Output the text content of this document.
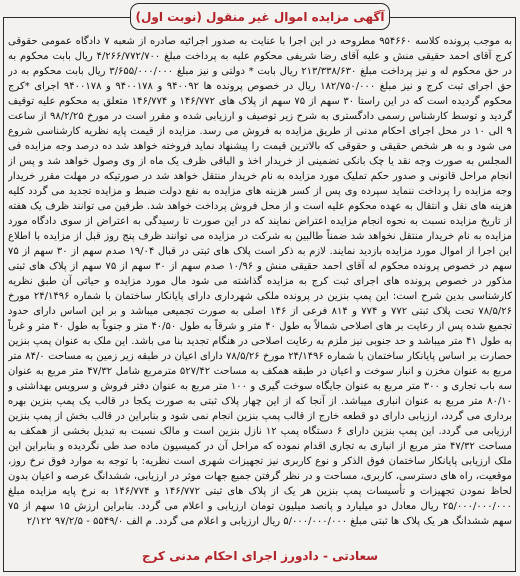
آگهی مزایده اموال غیر منقول (نوبت اول)

به موجب پرونده کلاسه ۹۵۴۶۶۰ مطروحه در این اجرا با عنایت به صدور اجرائیه صادره از شعبه ۷ دادگاه عمومی حقوقی کرج آقای احمد حقیقی منش و علیه آقای رضا شریفی محکوم علیه به پرداخت مبلغ ۴/۲۶۶/۷۷۲/۷۰۰ ریال بابت محکوم به در حق محکوم له و نیز پرداخت مبلغ ۲۱۳/۳۳۸/۶۳۰ ریال بابت * دولتی و نیز مبلغ ۳/۶۵۵/۰۰۰/۰۰۰ ریال بابت محکوم به در حق اجرای ثبت کرج و نیز مبلغ ۱۸۲/۷۵۰/۰۰۰ ریال در خصوص پرونده ها ۹۴۰۰۹۲ و ۹۴۰۰۱۷۸ و ۹۴۰۰۱۷۸ اجرای *کرج محکوم گردیده است که در این راستا ۳۰ سهم از ۷۵ سهم از پلاک های ۱۴۶/۷۷۲ و ۱۴۶/۷۷۴ متعلق به محکوم علیه توقیف گردید و توسط کارشناس رسمی دادگستری به شرح زیر توصیف و ارزیابی شده و مقرر است در مورخ ۹۸/۲/۲۵ از ساعت ۹ الی ۱۰ در محل اجرای احکام مدنی از طریق مزایده به فروش می رسد. مزایده از قیمت پایه نظریه کارشناسی شروع می شود و به هر شخص حقیقی و حقوقی که بالاترین قیمت را پیشنهاد نماید فروخته خواهد شد ده درصد وجه مزایده فی المجلس به صورت وجه نقد یا چک بانکی تضمینی از خریدار اخذ و الباقی ظرف یک ماه از وی وصول خواهد شد و پس از انجام مراحل قانونی و صدور حکم تملیک مورد مزایده به نام خریدار منتقل خواهد شد در صورتیکه در مهلت مقرر خریدار وجه مزایده را پرداخت ننماید سپرده وی پس از کسر هزینه های مزایده به نفع دولت ضبط و مزایده تجدید می گردد کلیه هزینه های نقل و انتقال به عهده محکوم علیه است و از محل فروش پرداخت خواهد شد. طرفین می توانند ظرف یک هفته از تاریخ مزایده نسبت به نحوه انجام مزایده اعتراض نمایند که در این صورت تا رسیدگی به اعتراض از سوی دادگاه مورد مزایده به نام خریدار منتقل نخواهد شد ضمناً طالبین به شرکت در مزایده می توانند ظرف پنج روز قبل از مزایده با اطلاع این اجرا از اموال مورد مزایده بازدید نمایند. لازم به ذکر است پلاک های ثبتی در قبال ۱۹/۰۴ صدم سهم از ۳۰ سهم از ۷۵ سهم در خصوص پرونده محکوم له آقای احمد حقیقی منش و ۱۰/۹۶ صدم سهم از ۳۰ سهم از ۷۵ سهم از پلاک های ثبتی مذکور در خصوص پرونده های اجرای ثبت کرج به مزایده گذاشته می شود مال مورد مزایده و حیاتی آن طبق نظریه کارشناسی بدین شرح است: این پمپ بنزین در پرونده ملکی شهرداری دارای پایانکار ساختمان با شماره ۲۴/۱۴۹۶ مورخ ۷۸/۵/۲۶ تحت پلاک ثبتی ۷۷۲ و ۷۷۴ و ۸۱۴ فرعی از ۱۴۶ اصلی به صورت تجمیعی میباشد و بر این اساس دارای حدود تجمیع شده پس از رعایت بر های اصلاحی شمالاً به طول ۴۰ متر و شرقاً به طول ۴۰/۵۰ متر و جنوباً به طول ۴۰ متر و غرباً به طول ۴۱ متر میباشد و حد جنوبی نیز ملزم به رعایت اصلاحی در هنگام تجدید بنا می باشد. این ملک به عنوان پمپ بنزین حصارت بر اساس پایانکار ساختمان با شماره ۲۴/۱۴۹۶ مورخ ۷۸/۵/۲۶ دارای اعیان در طبقه زیر زمین به مساحت ۸۴/۰ متر مربع به عنوان مخزن و انبار سوخت و اعیان در طبقه همکف به مساحت ۵۲۷/۴۲ مترمربع شامل ۴۷/۳۲ متر مربع به عنوان سه باب تجاری و ۳۰۰ متر مربع به عنوان جایگاه سوخت گیری و ۱۰۰ متر مربع به عنوان دفتر فروش و سرویس بهداشتی و ۸۰/۱۰ متر مربع به عنوان انباری میباشد. از آنجا که از این چهار پلاک ثبتی به صورت یکجا در قالب یک پمپ بنزین بهره برداری می گردد، ارزیابی دارای دو قطعه خارج از قالب پمپ بنزین انجام نمی شود و بنابراین در قالب بخش از پمپ بنزین ارزیابی می گردد. این پمپ بنزین دارای ۶ دستگاه پمپ ۱۲ نازل بنزین است و مالک نسبت به تبدیل بخشی از همکف به مساحت ۴۷/۳۲ متر مربع از انباری به تجاری اقدام نموده که مراحل آن در کمیسیون ماده صد طی نگردیده و بنابراین این ملک ارزیابی پایانکار ساختمان فوق الذکر و نوع کاربری نیز تجهیزات شهری است نظریه: با توجه به موارد فوق نرخ روز، موقعیت، راه های دسترسی، کاربری، مساحت و در نظر گرفتن جمیع جهات موثر در ارزیابی، ششدانگ عرصه و اعیان بدون لحاظ نمودن تجهیزات و تأسیسات پمپ بنزین هر یک از پلاک های ثبتی ۱۴۶/۷۷۲ و ۱۴۶/۷۷۴ به نرخ پایه مزایده مبلغ ۲۵/۰۰۰/۰۰۰/۰۰۰ ریال معادل دو میلیارد و پانصد میلیون تومان ارزیابی و اعلام می گردد. بنابراین ارزش ۱۵ سهم از ۷۵ سهم ششدانگ هر یک پلاک ها ثبتی مبلغ ۵/۰۰۰/۰۰۰/۰۰۰ ریال ارزیابی و اعلام می گردد. م الف ۵۵۴۹/۰ - ۹۷/۲/۵ ۲/۱۲۲

سعادتی - دادورز اجرای احکام مدنی کرج
